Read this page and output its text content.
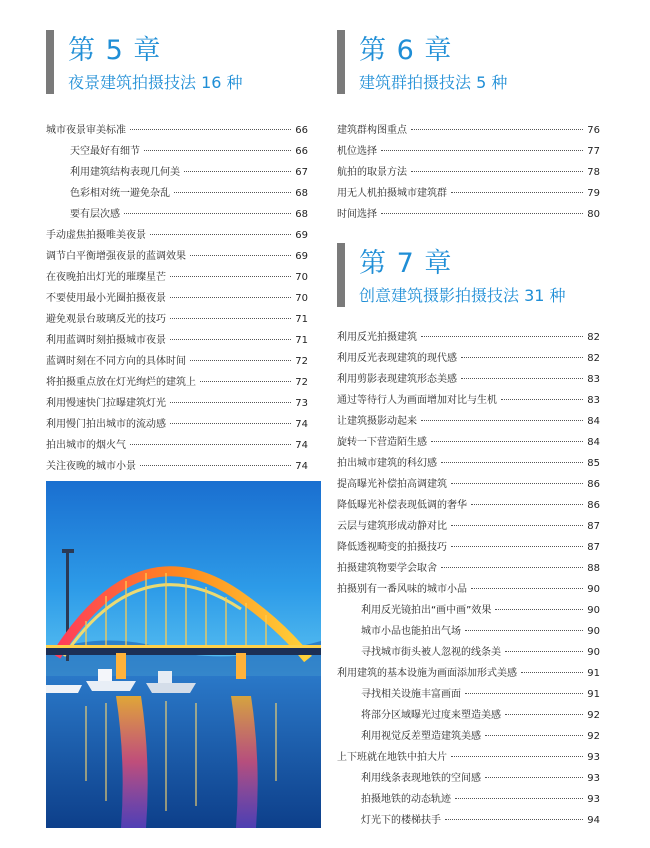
第 5 章
夜景建筑拍摄技法 16 种
城市夜景审美标准	66
天空最好有细节	66
利用建筑结构表现几何美	67
色彩相对统一避免杂乱	68
要有层次感	68
手动虚焦拍摄唯美夜景	69
调节白平衡增强夜景的蓝调效果	69
在夜晚拍出灯光的璀璨星芒	70
不要使用最小光圈拍摄夜景	70
避免观景台玻璃反光的技巧	71
利用蓝调时刻拍摄城市夜景	71
蓝调时刻在不同方向的具体时间	72
将拍摄重点放在灯光绚烂的建筑上	72
利用慢速快门拉曝建筑灯光	73
利用慢门拍出城市的流动感	74
拍出城市的烟火气	74
关注夜晚的城市小景	74
第 6 章
建筑群拍摄技法 5 种
建筑群构图重点	76
机位选择	77
航拍的取景方法	78
用无人机拍摄城市建筑群	79
时间选择	80
第 7 章
创意建筑摄影拍摄技法 31 种
利用反光拍摄建筑	82
利用反光表现建筑的现代感	82
利用剪影表现建筑形态美感	83
通过等待行人为画面增加对比与生机	83
让建筑摄影动起来	84
旋转一下营造陌生感	84
拍出城市建筑的科幻感	85
提高曝光补偿拍高调建筑	86
降低曝光补偿表现低调的奢华	86
云层与建筑形成动静对比	87
降低透视畸变的拍摄技巧	87
拍摄建筑物要学会取舍	88
拍摄别有一番风味的城市小品	90
利用反光镜拍出“画中画”效果	90
城市小品也能拍出气场	90
寻找城市街头被人忽视的线条美	90
利用建筑的基本设施为画面添加形式美感	91
寻找相关设施丰富画面	91
将部分区域曝光过度来塑造美感	92
利用视觉反差塑造建筑美感	92
上下班就在地铁中拍大片	93
利用线条表现地铁的空间感	93
拍摄地铁的动态轨迹	93
灯光下的楼梯扶手	94
